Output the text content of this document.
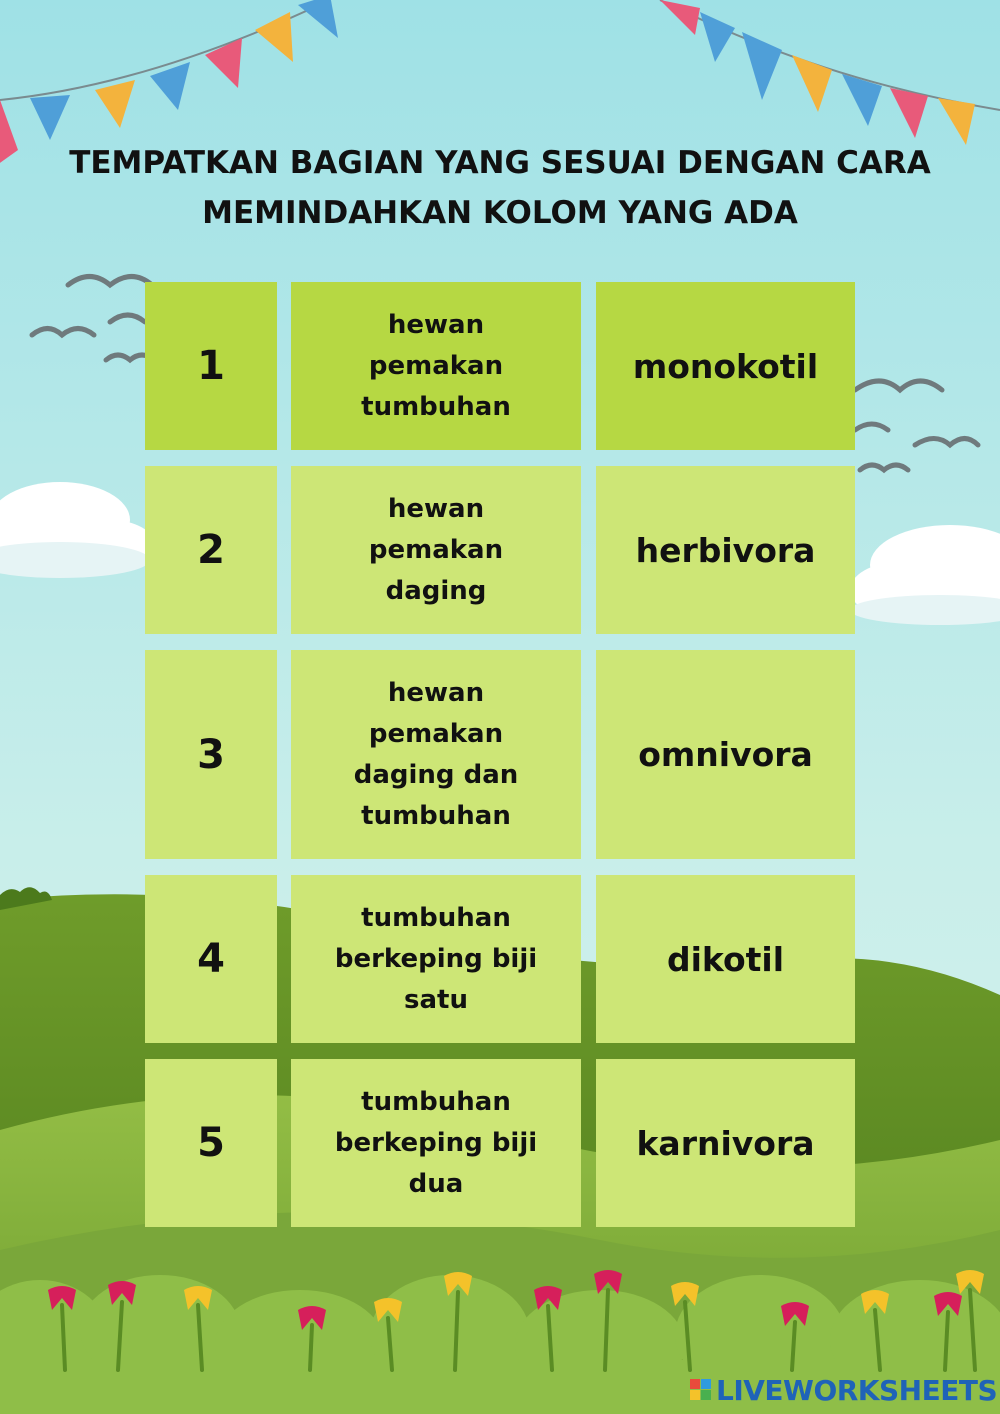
TEMPATKAN BAGIAN YANG SESUAI DENGAN CARA
MEMINDAHKAN KOLOM YANG ADA
1
hewan
pemakan
tumbuhan
monokotil
2
hewan
pemakan
daging
herbivora
3
hewan
pemakan
daging dan
tumbuhan
omnivora
4
tumbuhan
berkeping biji
satu
dikotil
5
tumbuhan
berkeping biji
dua
karnivora
LIVEWORKSHEETS
